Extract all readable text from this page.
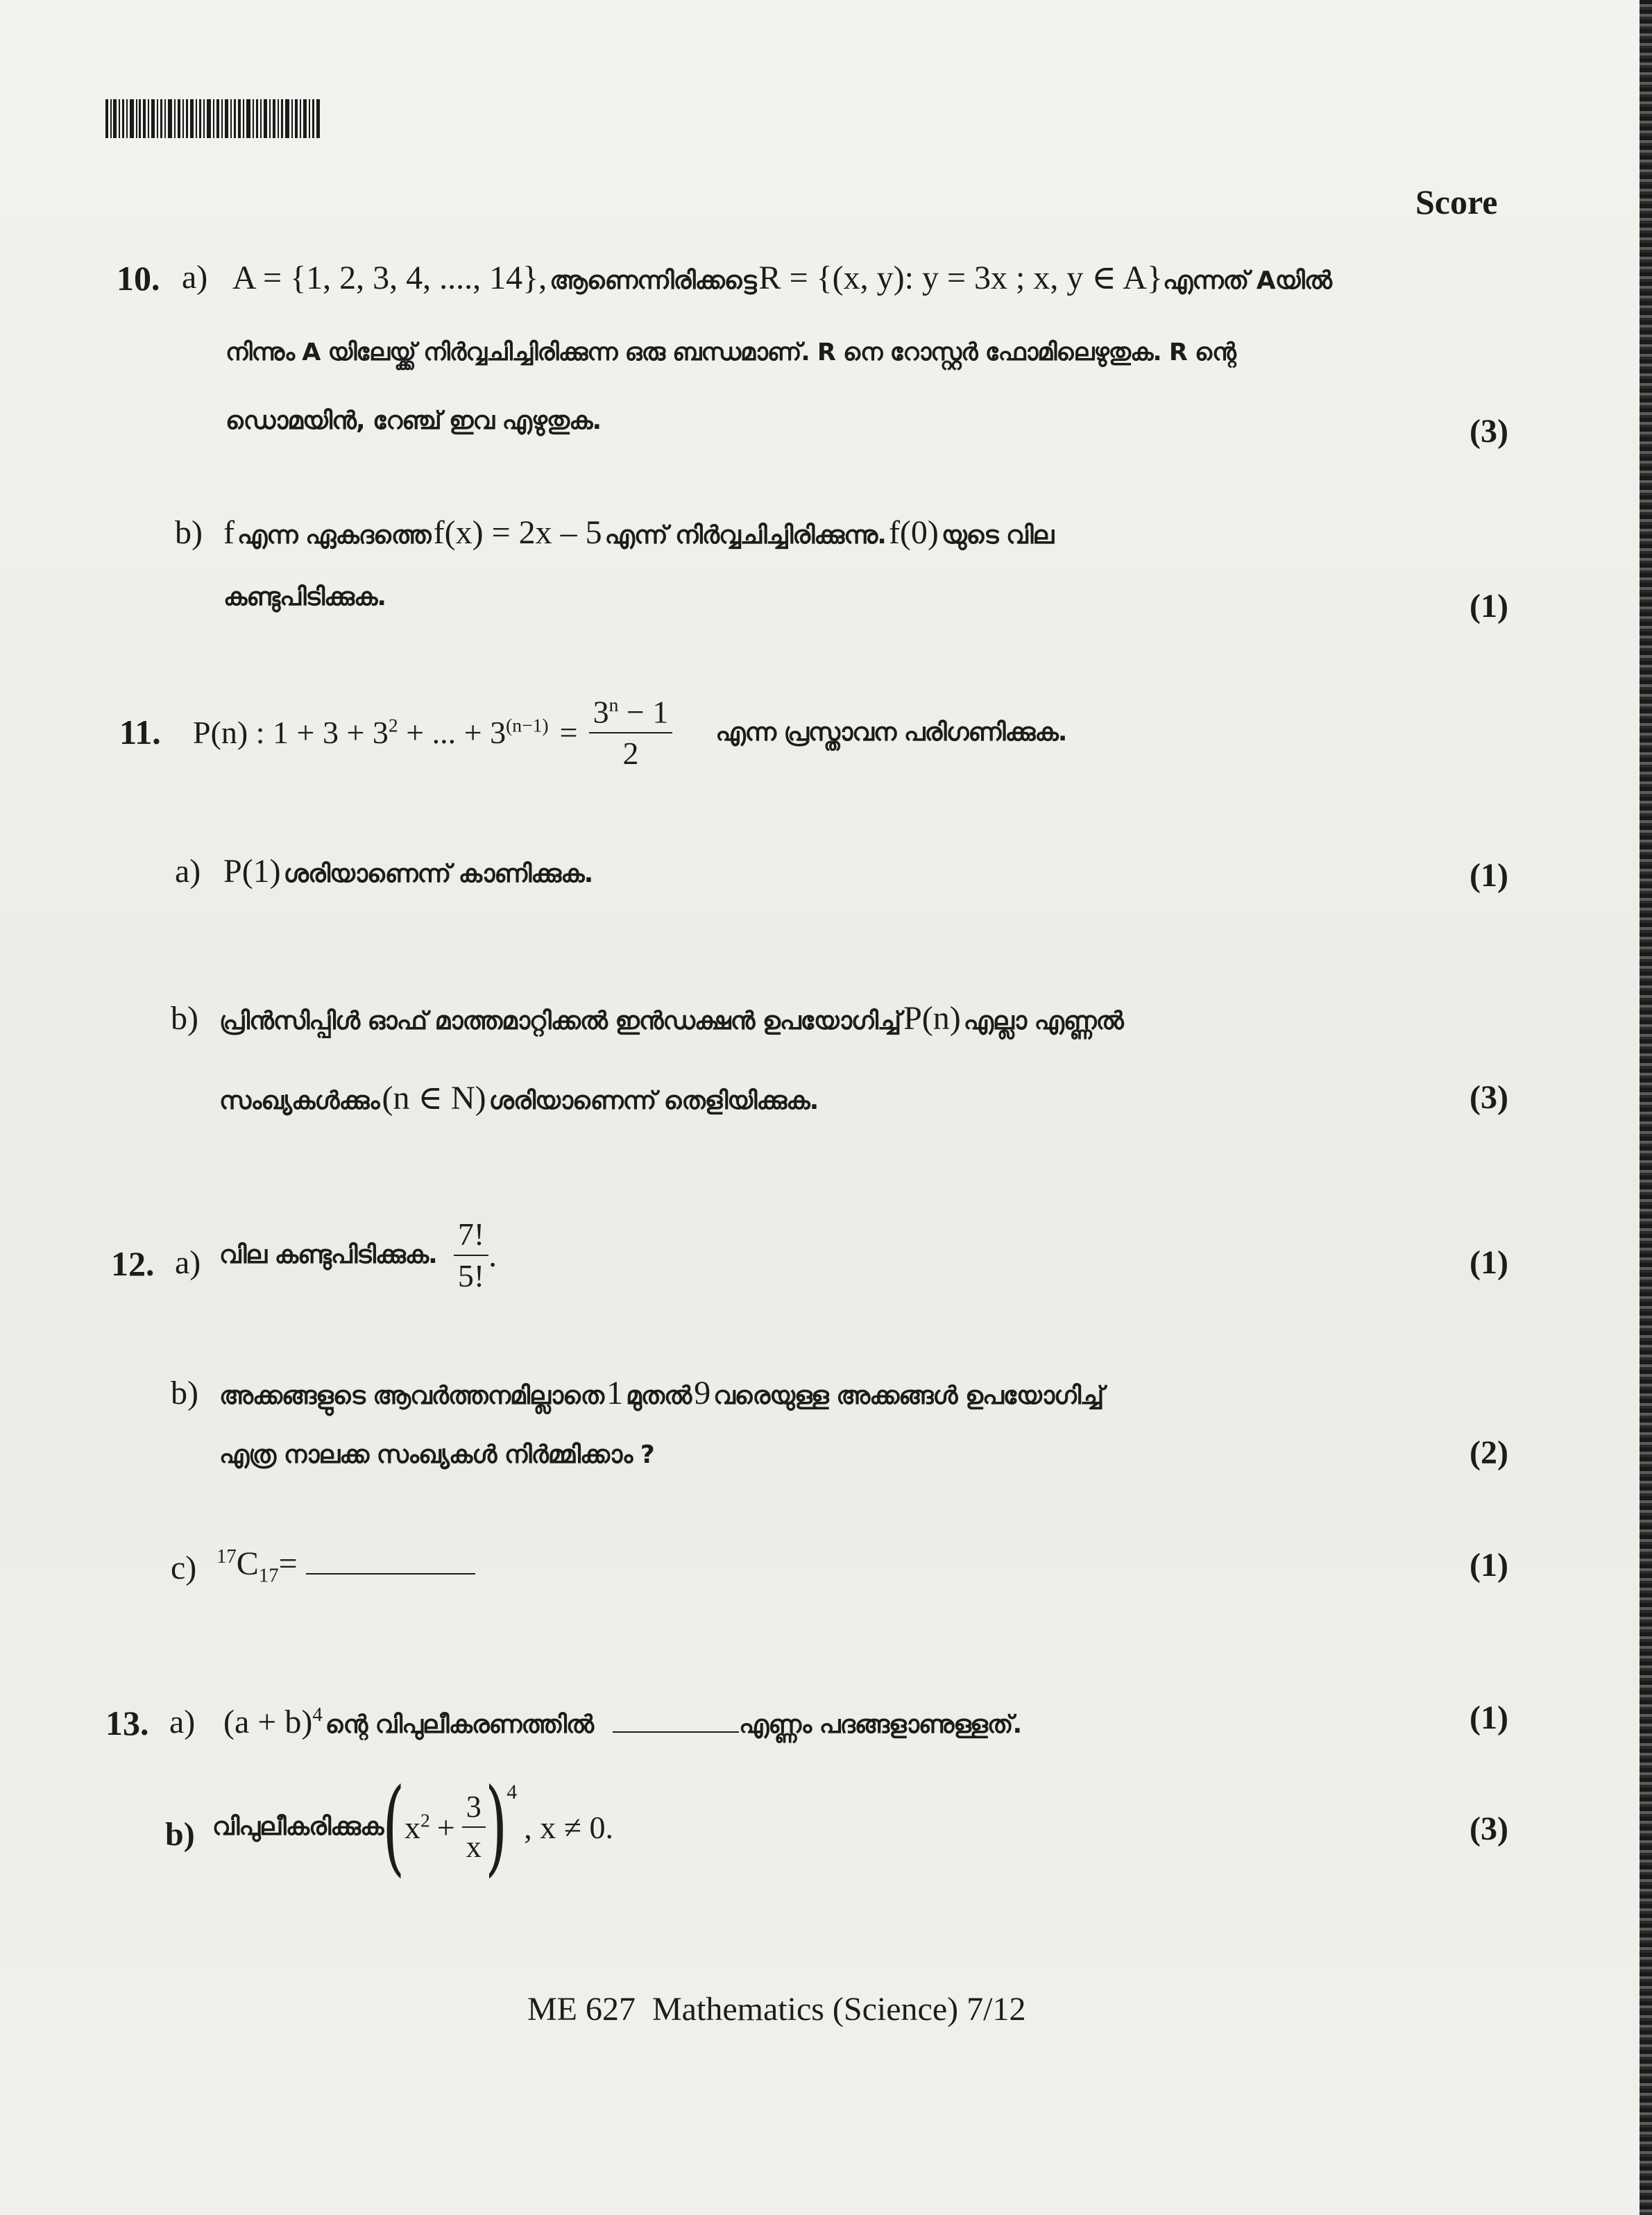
Score
10. a) A = {1, 2, 3, 4, ...., 14}, ആണെന്നിരിക്കട്ടെ R = {(x, y): y = 3x ; x, y ∈ A}എന്നത് Aയിൽ
നിന്നും A യിലേയ്ക്ക് നിർവ്വചിച്ചിരിക്കുന്ന ഒരു ബന്ധമാണ്. R നെ റോസ്റ്റർ ഫോമിലെഴുതുക. R ന്റെ
ഡൊമയിൻ, റേഞ്ച് ഇവ എഴുതുക.	(3)
b) f എന്ന ഏകദത്തെ f(x) = 2x – 5 എന്ന് നിർവ്വചിച്ചിരിക്കുന്നു. f(0) യുടെ വില
കണ്ടുപിടിക്കുക.	(1)
11. P(n) : $1 + 3 + 3^2$ + ... + $3^{(n-1)} = \frac{3^n - 1}{2}$ എന്ന പ്രസ്താവന പരിഗണിക്കുക.
a) P(1) ശരിയാണെന്ന് കാണിക്കുക.	(1)
b) പ്രിൻസിപ്പിൾ ഓഫ് മാത്തമാറ്റിക്കൽ ഇൻഡക്ഷൻ ഉപയോഗിച്ച് P(n) എല്ലാ എണ്ണൽ
സംഖ്യകൾക്കും (n ∈ N) ശരിയാണെന്ന് തെളിയിക്കുക.	(3)
12. a) വില കണ്ടുപിടിക്കുക. $\frac{7!}{5!}$ .	(1)
b) അക്കങ്ങളുടെ ആവർത്തനമില്ലാതെ 1 മുതൽ 9 വരെയുള്ള അക്കങ്ങൾ ഉപയോഗിച്ച്
എത്ര നാലക്ക സംഖ്യകൾ നിർമ്മിക്കാം ?	(2)
c) $^{17}C_{17}=$	(1)
13. a) $(a + b)^4$ ന്റെ വിപുലീകരണത്തിൽ	എണ്ണം പദങ്ങളാണുള്ളത്.	(1)
b) വിപുലീകരിക്കുക ( $x^2 + \frac{3}{x}$ ) 4
, x ≠ 0.	(3)
ME 627  Mathematics (Science) 7/12
